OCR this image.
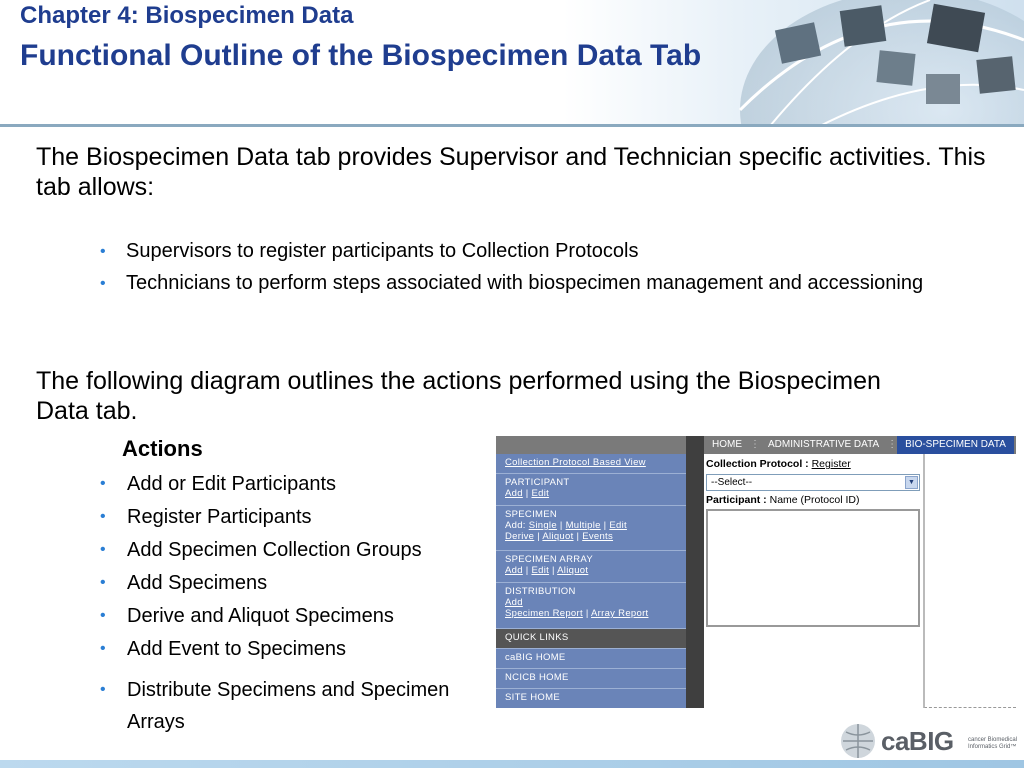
Chapter 4: Biospecimen Data
Functional Outline of the Biospecimen Data Tab
The Biospecimen Data tab provides Supervisor and Technician specific activities. This tab allows:
• Supervisors to register participants to Collection Protocols
• Technicians to perform steps associated with biospecimen management and accessioning
The following diagram outlines the actions performed using the Biospecimen Data tab.
Actions
• Add or Edit Participants
• Register Participants
• Add Specimen Collection Groups
• Add Specimens
• Derive and Aliquot Specimens
• Add Event to Specimens
• Distribute Specimens and Specimen Arrays
HOME ⋮ ADMINISTRATIVE DATA ⋮ BIO-SPECIMEN DATA
Collection Protocol Based View
PARTICIPANT
Add | Edit
SPECIMEN
Add: Single | Multiple | Edit
Derive | Aliquot | Events
SPECIMEN ARRAY
Add | Edit | Aliquot
DISTRIBUTION
Add
Specimen Report | Array Report
QUICK LINKS
caBIG HOME
NCICB HOME
SITE HOME
Collection Protocol : Register
--Select--	▼
Participant : Name (Protocol ID)
caBIG cancer Biomedical Informatics Grid™
